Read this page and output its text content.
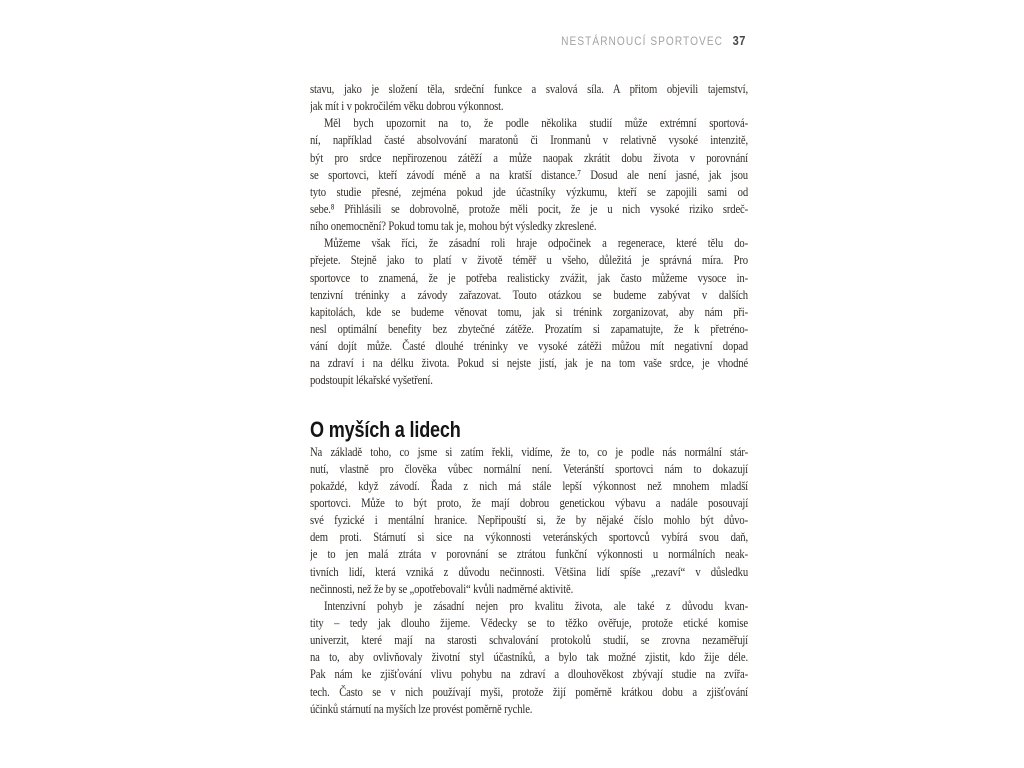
NESTÁRNOUCÍ SPORTOVEC 37
stavu, jako je složení těla, srdeční funkce a svalová síla. A přitom objevili tajemství,
jak mít i v pokročilém věku dobrou výkonnost.
Měl bych upozornit na to, že podle několika studií může extrémní sportová-
ní, například časté absolvování maratonů či Ironmanů v relativně vysoké intenzitě,
být pro srdce nepřirozenou zátěží a může naopak zkrátit dobu života v porovnání
se sportovci, kteří závodí méně a na kratší distance.⁷ Dosud ale není jasné, jak jsou
tyto studie přesné, zejména pokud jde účastníky výzkumu, kteří se zapojili sami od
sebe.⁸ Přihlásili se dobrovolně, protože měli pocit, že je u nich vysoké riziko srdeč-
ního onemocnění? Pokud tomu tak je, mohou být výsledky zkreslené.
Můžeme však říci, že zásadní roli hraje odpočinek a regenerace, které tělu do-
přejete. Stejně jako to platí v životě téměř u všeho, důležitá je správná míra. Pro
sportovce to znamená, že je potřeba realisticky zvážit, jak často můžeme vysoce in-
tenzivní tréninky a závody zařazovat. Touto otázkou se budeme zabývat v dalších
kapitolách, kde se budeme věnovat tomu, jak si trénink zorganizovat, aby nám při-
nesl optimální benefity bez zbytečné zátěže. Prozatím si zapamatujte, že k přetréno-
vání dojít může. Časté dlouhé tréninky ve vysoké zátěži můžou mít negativní dopad
na zdraví i na délku života. Pokud si nejste jistí, jak je na tom vaše srdce, je vhodné
podstoupit lékařské vyšetření.
O myších a lidech
Na základě toho, co jsme si zatím řekli, vidíme, že to, co je podle nás normální stár-
nutí, vlastně pro člověka vůbec normální není. Veteránští sportovci nám to dokazují
pokaždé, když závodí. Řada z nich má stále lepší výkonnost než mnohem mladší
sportovci. Může to být proto, že mají dobrou genetickou výbavu a nadále posouvají
své fyzické i mentální hranice. Nepřipouští si, že by nějaké číslo mohlo být důvo-
dem proti. Stárnutí si sice na výkonnosti veteránských sportovců vybírá svou daň,
je to jen malá ztráta v porovnání se ztrátou funkční výkonnosti u normálních neak-
tivních lidí, která vzniká z důvodu nečinnosti. Většina lidí spíše „rezaví“ v důsledku
nečinnosti, než že by se „opotřebovali“ kvůli nadměrné aktivitě.
Intenzivní pohyb je zásadní nejen pro kvalitu života, ale také z důvodu kvan-
tity – tedy jak dlouho žijeme. Vědecky se to těžko ověřuje, protože etické komise
univerzit, které mají na starosti schvalování protokolů studií, se zrovna nezaměřují
na to, aby ovlivňovaly životní styl účastníků, a bylo tak možné zjistit, kdo žije déle.
Pak nám ke zjišťování vlivu pohybu na zdraví a dlouhověkost zbývají studie na zvířa-
tech. Často se v nich používají myši, protože žijí poměrně krátkou dobu a zjišťování
účinků stárnutí na myších lze provést poměrně rychle.
